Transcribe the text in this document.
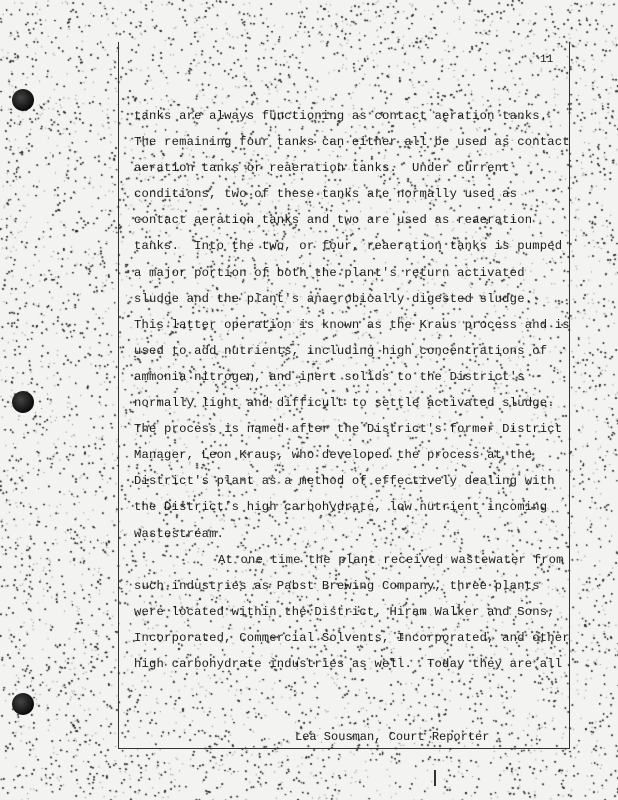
11
'
tanks are always functioning as contact aeration tanks.
The remaining four tanks can either all be used as contact
aeration tanks or reaeration tanks.  Under current
conditions, two of these tanks are normally used as
contact aeration tanks and two are used as reaeration
tanks.  Into the two, or four, reaeration tanks is pumped
a major portion of both the plant's return activated
sludge and the plant's anaerobically digested sludge.
This latter operation is known as the Kraus process and is
used to add nutrients, including high concentrations of
ammonia nitrogen, and inert solids to the District's
normally light and difficult to settle activated sludge.
The process is named after the District's former District
Manager, Leon Kraus, who developed the process at the
District's plant as a method of effectively dealing with
the District's high carbohydrate, low nutrient incoming
wastestream.
At one time the plant received wastewater from
such industries as Pabst Brewing Company, three plants
were located within the District, Hiram Walker and Sons,
Incorporated, Commercial Solvents, Incorporated, and other
high carbohydrate industries as well.  Today they are all
Lea Sousman, Court Reporter
